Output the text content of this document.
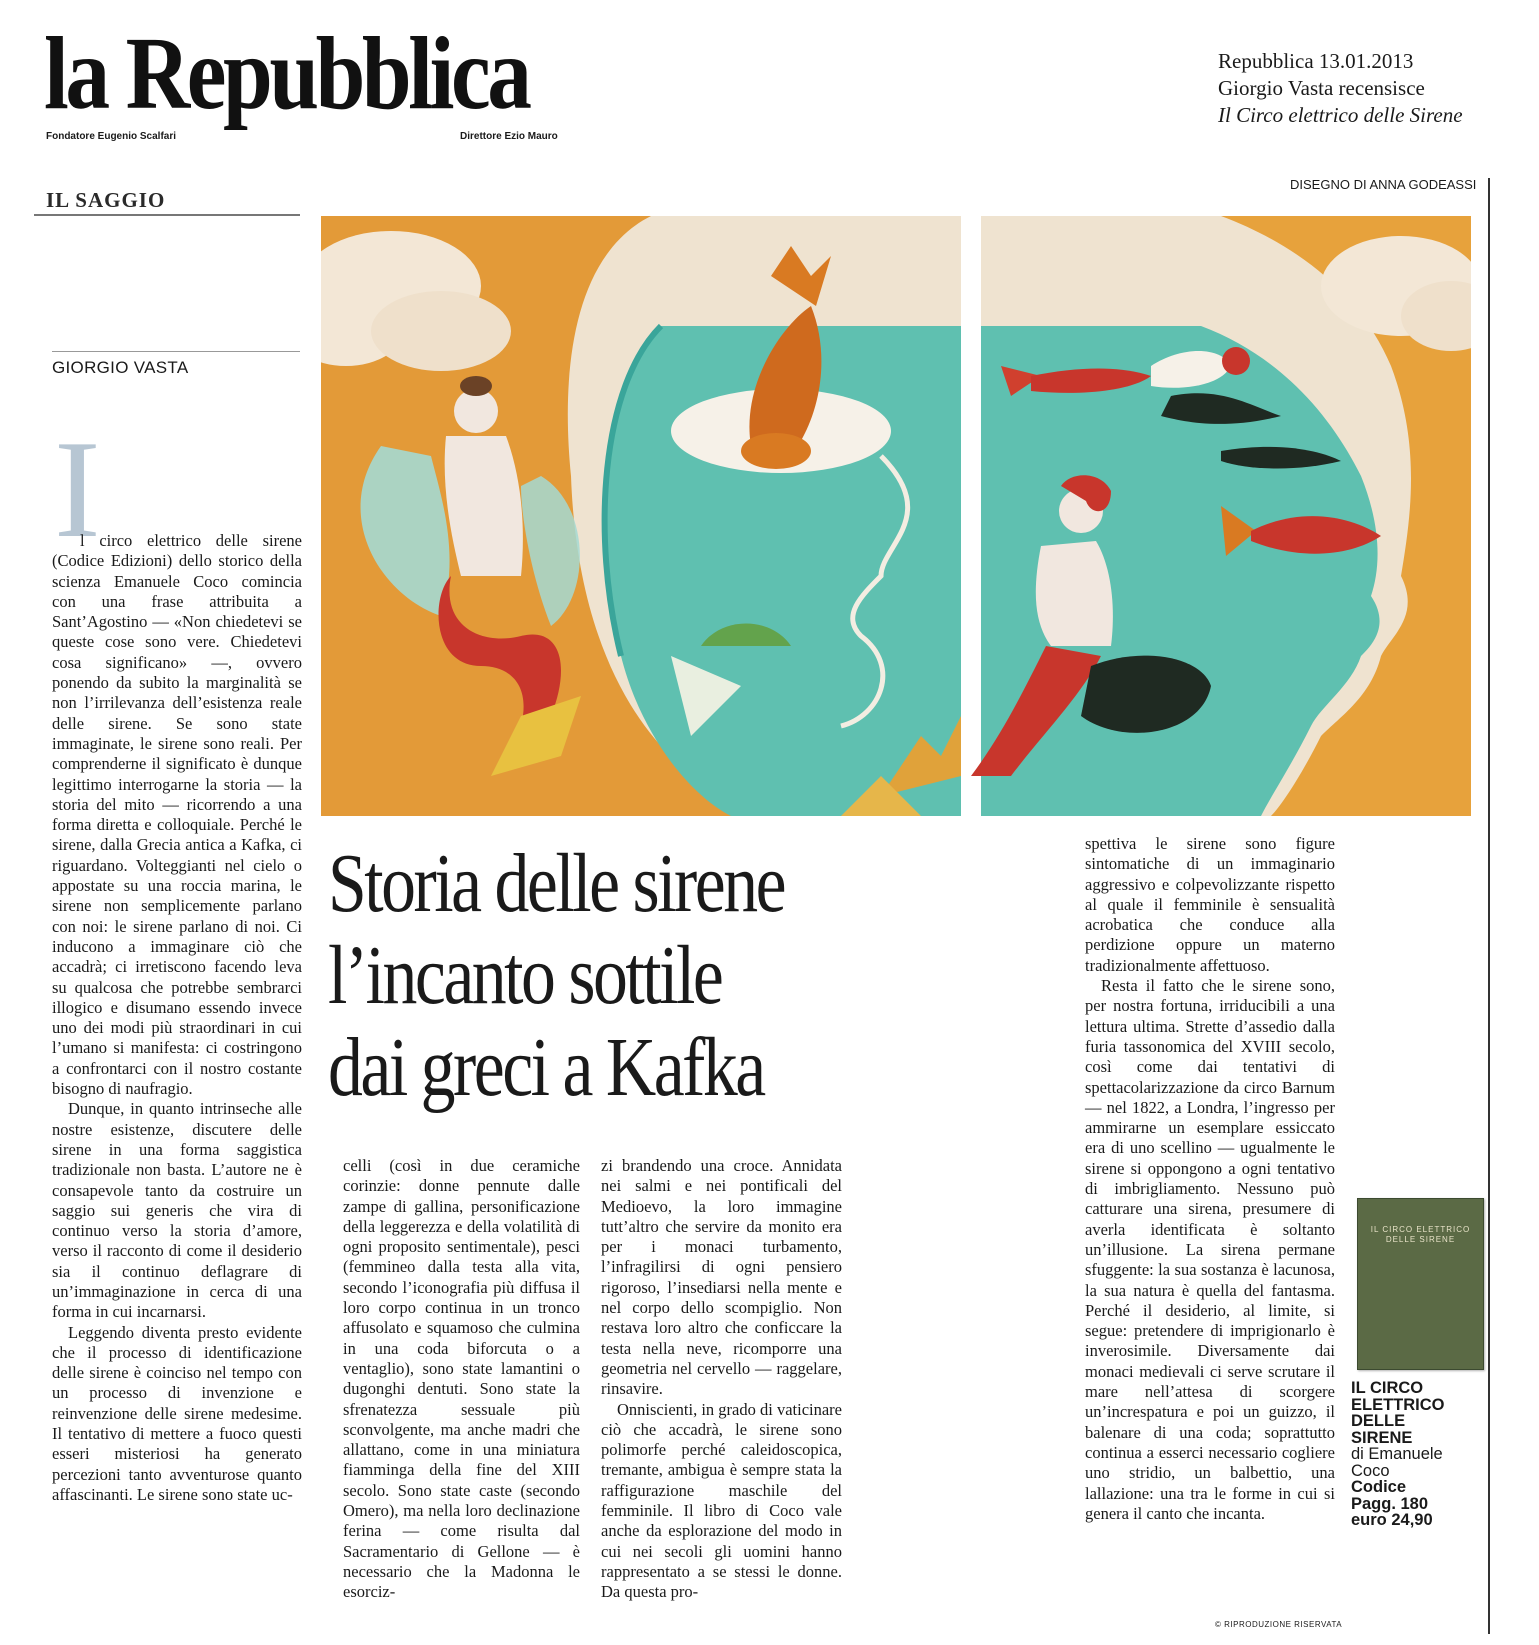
la Repubblica
Fondatore Eugenio Scalfari	Direttore Ezio Mauro
Repubblica 13.01.2013
Giorgio Vasta recensisce
Il Circo elettrico delle Sirene
IL SAGGIO
DISEGNO DI ANNA GODEASSI
GIORGIO VASTA
I
Storia delle sirene
l’incanto sottile
dai greci a Kafka

l circo elettrico delle sirene (Codice Edizioni) dello storico della scienza Emanuele Coco comincia con una frase attribuita a Sant’Agostino — «Non chiedetevi se queste cose sono vere. Chiedetevi cosa significano» —, ovvero ponendo da subito la marginalità se non l’irrilevanza dell’esistenza reale delle sirene. Se sono state immaginate, le sirene sono reali. Per comprenderne il significato è dunque legittimo interrogarne la storia — la storia del mito — ricorrendo a una forma diretta e colloquiale. Perché le sirene, dalla Grecia antica a Kafka, ci riguardano. Volteggianti nel cielo o appostate su una roccia marina, le sirene non semplicemente parlano con noi: le sirene parlano di noi. Ci inducono a immaginare ciò che accadrà; ci irretiscono facendo leva su qualcosa che potrebbe sembrarci illogico e disumano essendo invece uno dei modi più straordinari in cui l’umano si manifesta: ci costringono a confrontarci con il nostro costante bisogno di naufragio.

Dunque, in quanto intrinseche alle nostre esistenze, discutere delle sirene in una forma saggistica tradizionale non basta. L’autore ne è consapevole tanto da costruire un saggio sui generis che vira di continuo verso la storia d’amore, verso il racconto di come il desiderio sia il continuo deflagrare di un’immaginazione in cerca di una forma in cui incarnarsi.

Leggendo diventa presto evidente che il processo di identificazione delle sirene è coinciso nel tempo con un processo di invenzione e reinvenzione delle sirene medesime. Il tentativo di mettere a fuoco questi esseri misteriosi ha generato percezioni tanto avventurose quanto affascinanti. Le sirene sono state uc-

celli (così in due ceramiche corinzie: donne pennute dalle zampe di gallina, personificazione della leggerezza e della volatilità di ogni proposito sentimentale), pesci (femmineo dalla testa alla vita, secondo l’iconografia più diffusa il loro corpo continua in un tronco affusolato e squamoso che culmina in una coda biforcuta o a ventaglio), sono state lamantini o dugonghi dentuti. Sono state la sfrenatezza sessuale più sconvolgente, ma anche madri che allattano, come in una miniatura fiamminga della fine del XIII secolo. Sono state caste (secondo Omero), ma nella loro declinazione ferina — come risulta dal Sacramentario di Gellone — è necessario che la Madonna le esorciz-

zi brandendo una croce. Annidata nei salmi e nei pontificali del Medioevo, la loro immagine tutt’altro che servire da monito era per i monaci turbamento, l’infragilirsi di ogni pensiero rigoroso, l’insediarsi nella mente e nel corpo dello scompiglio. Non restava loro altro che conficcare la testa nella neve, ricomporre una geometria nel cervello — raggelare, rinsavire.

Onniscienti, in grado di vaticinare ciò che accadrà, le sirene sono polimorfe perché caleidoscopica, tremante, ambigua è sempre stata la raffigurazione maschile del femminile. Il libro di Coco vale anche da esplorazione del modo in cui nei secoli gli uomini hanno rappresentato a se stessi le donne. Da questa pro-

spettiva le sirene sono figure sintomatiche di un immaginario aggressivo e colpevolizzante rispetto al quale il femminile è sensualità acrobatica che conduce alla perdizione oppure un materno tradizionalmente affettuoso.

Resta il fatto che le sirene sono, per nostra fortuna, irriducibili a una lettura ultima. Strette d’assedio dalla furia tassonomica del XVIII secolo, così come dai tentativi di spettacolarizzazione da circo Barnum — nel 1822, a Londra, l’ingresso per ammirarne un esemplare essiccato era di uno scellino — ugualmente le sirene si oppongono a ogni tentativo di imbrigliamento. Nessuno può catturare una sirena, presumere di averla identificata è soltanto un’illusione. La sirena permane sfuggente: la sua sostanza è lacunosa, la sua natura è quella del fantasma. Perché il desiderio, al limite, si segue: pretendere di imprigionarlo è inverosimile. Diversamente dai monaci medievali ci serve scrutare il mare nell’attesa di scorgere un’increspatura e poi un guizzo, il balenare di una coda; soprattutto continua a esserci necessario cogliere uno stridio, un balbettio, una lallazione: una tra le forme in cui si genera il canto che incanta.

IL CIRCO ELETTRICO DELLE SIRENE
IL CIRCO
ELETTRICO
DELLE
SIRENE
di Emanuele
Coco
Codice
Pagg. 180
euro 24,90
© RIPRODUZIONE RISERVATA
